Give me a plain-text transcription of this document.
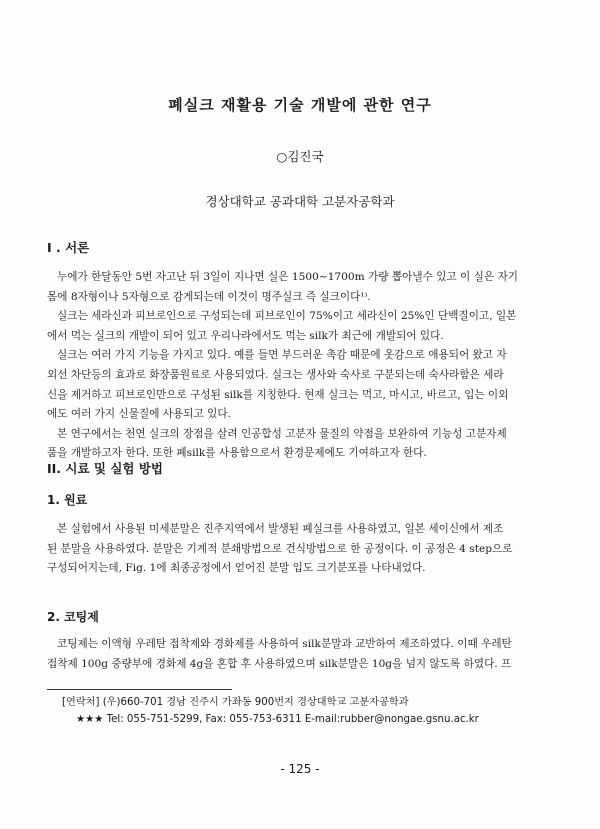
폐실크 재활용 기술 개발에 관한 연구
○김진국
경상대학교 공과대학 고분자공학과
I . 서론
누에가 한달동안 5번 자고난 뒤 3일이 지나면 실은 1500~1700m 가량 뽑아낼수 있고 이 실은 자기
몸에 8자형이나 5자형으로 감게되는데 이것이 명주실크 즉 실크이다¹⁾.
실크는 세라신과 피브로인으로 구성되는데 피브로인이 75%이고 세라신이 25%인 단백질이고, 일본
에서 먹는 실크의 개발이 되어 있고 우리나라에서도 먹는 silk가 최근에 개발되어 있다.
실크는 여러 가지 기능을 가지고 있다. 예를 들면 부드러운 촉감 때문에 옷감으로 애용되어 왔고 자
외선 차단등의 효과로 화장품원료로 사용되었다. 실크는 생사와 숙사로 구분되는데 숙사라함은 세라
신을 제거하고 피브로인만으로 구성된 silk를 지칭한다. 현재 실크는 먹고, 마시고, 바르고, 입는 이외
에도 여러 가지 신물질에 사용되고 있다.
본 연구에서는 천연 실크의 장점을 살려 인공합성 고분자 물질의 약점을 보완하여 기능성 고분자제
품을 개발하고자 한다. 또한 폐silk를 사용함으로서 환경문제에도 기여하고자 한다.
II. 시료 및 실험 방법
1. 원료
본 실험에서 사용된 미세분말은 진주지역에서 발생된 폐실크를 사용하였고, 일본 세이신에서 제조
된 분말을 사용하였다. 분말은 기계적 분쇄방법으로 건식방법으로 한 공정이다. 이 공정은 4 step으로
구성되어지는데, Fig. 1에 최종공정에서 얻어진 분말 입도 크기분포를 나타내었다.
2. 코팅제
코팅제는 이액형 우레탄 접착제와 경화제를 사용하여 silk분말과 교반하여 제조하였다. 이때 우레탄
접착제 100g 중량부에 경화제 4g을 혼합 후 사용하였으며 silk분말은 10g을 넘지 않도록 하였다. 프
[연락처] (우)660-701 경남 진주시 가좌동 900번지 경상대학교 고분자공학과
★★★ Tel: 055-751-5299, Fax: 055-753-6311 E-mail:rubber@nongae.gsnu.ac.kr
- 125 -
